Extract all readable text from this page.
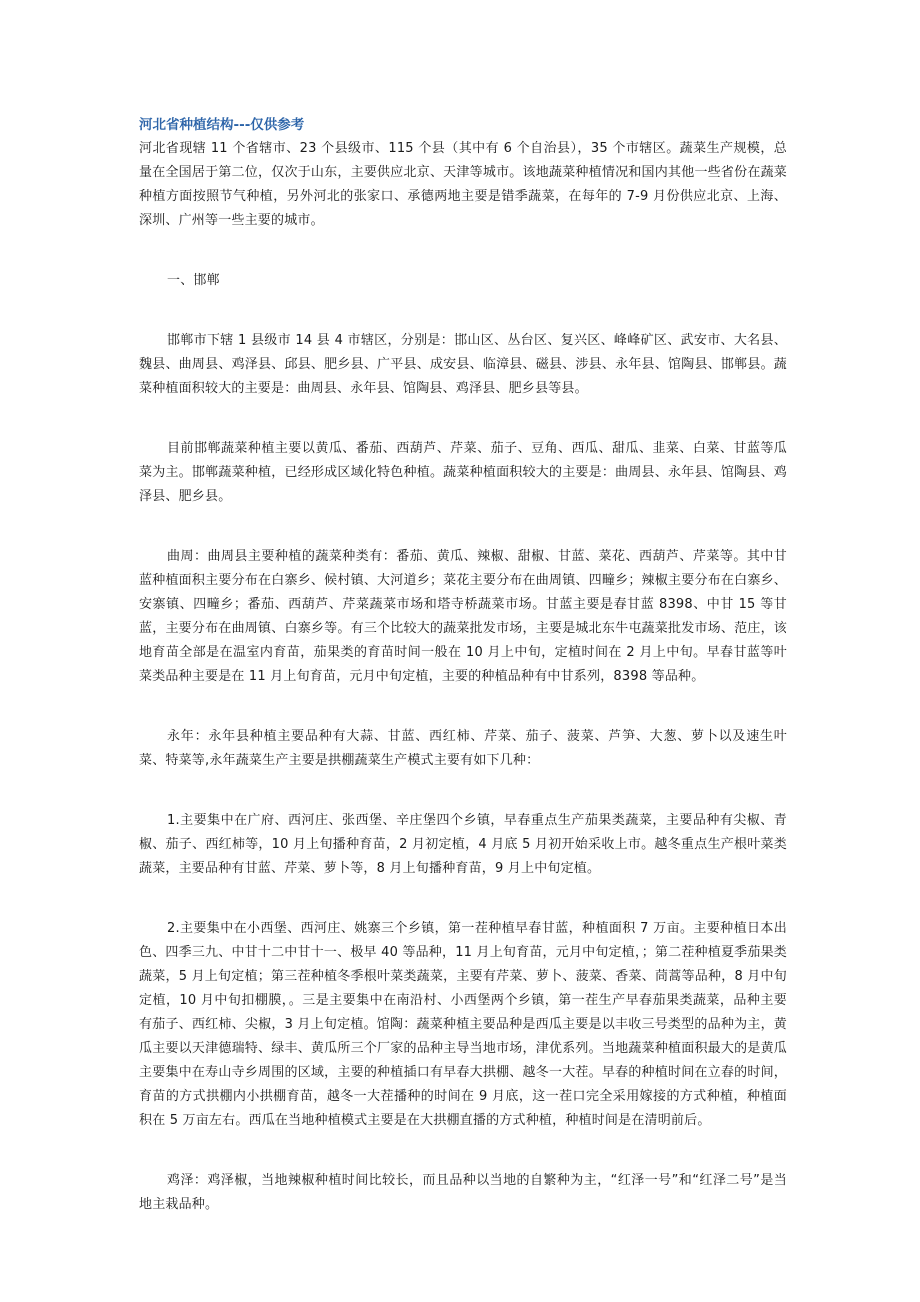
河北省种植结构---仅供参考

河北省现辖 11 个省辖市、23 个县级市、115 个县（其中有 6 个自治县），35 个市辖区。蔬菜生产规模，总量在全国居于第二位，仅次于山东，主要供应北京、天津等城市。该地蔬菜种植情况和国内其他一些省份在蔬菜种植方面按照节气种植，另外河北的张家口、承德两地主要是错季蔬菜，在每年的 7-9 月份供应北京、上海、深圳、广州等一些主要的城市。

一、邯郸

邯郸市下辖 1 县级市 14 县 4 市辖区，分别是：邯山区、丛台区、复兴区、峰峰矿区、武安市、大名县、魏县、曲周县、鸡泽县、邱县、肥乡县、广平县、成安县、临漳县、磁县、涉县、永年县、馆陶县、邯郸县。蔬菜种植面积较大的主要是：曲周县、永年县、馆陶县、鸡泽县、肥乡县等县。

目前邯郸蔬菜种植主要以黄瓜、番茄、西葫芦、芹菜、茄子、豆角、西瓜、甜瓜、韭菜、白菜、甘蓝等瓜菜为主。邯郸蔬菜种植，已经形成区域化特色种植。蔬菜种植面积较大的主要是：曲周县、永年县、馆陶县、鸡泽县、肥乡县。

曲周：曲周县主要种植的蔬菜种类有：番茄、黄瓜、辣椒、甜椒、甘蓝、菜花、西葫芦、芹菜等。其中甘蓝种植面积主要分布在白寨乡、候村镇、大河道乡；菜花主要分布在曲周镇、四疃乡；辣椒主要分布在白寨乡、安寨镇、四疃乡；番茄、西葫芦、芹菜蔬菜市场和塔寺桥蔬菜市场。甘蓝主要是春甘蓝 8398、中甘 15 等甘蓝，主要分布在曲周镇、白寨乡等。有三个比较大的蔬菜批发市场，主要是城北东牛屯蔬菜批发市场、范庄，该地育苗全部是在温室内育苗，茄果类的育苗时间一般在 10 月上中旬，定植时间在 2 月上中旬。早春甘蓝等叶菜类品种主要是在 11 月上旬育苗，元月中旬定植，主要的种植品种有中甘系列，8398 等品种。

永年：永年县种植主要品种有大蒜、甘蓝、西红柿、芹菜、茄子、菠菜、芦笋、大葱、萝卜以及速生叶菜、特菜等,永年蔬菜生产主要是拱棚蔬菜生产模式主要有如下几种：

1.主要集中在广府、西河庄、张西堡、辛庄堡四个乡镇，早春重点生产茄果类蔬菜，主要品种有尖椒、青椒、茄子、西红柿等，10 月上旬播种育苗，2 月初定植，4 月底 5 月初开始采收上市。越冬重点生产根叶菜类蔬菜，主要品种有甘蓝、芹菜、萝卜等，8 月上旬播种育苗，9 月上中旬定植。

2.主要集中在小西堡、西河庄、姚寨三个乡镇，第一茬种植早春甘蓝，种植面积 7 万亩。主要种植日本出色、四季三九、中甘十二中甘十一、极早 40 等品种，11 月上旬育苗，元月中旬定植，；第二茬种植夏季茄果类蔬菜，5 月上旬定植；第三茬种植冬季根叶菜类蔬菜，主要有芹菜、萝卜、菠菜、香菜、茼蒿等品种，8 月中旬定植，10 月中旬扣棚膜，。三是主要集中在南沿村、小西堡两个乡镇，第一茬生产早春茄果类蔬菜，品种主要有茄子、西红柿、尖椒，3 月上旬定植。馆陶：蔬菜种植主要品种是西瓜主要是以丰收三号类型的品种为主，黄瓜主要以天津德瑞特、绿丰、黄瓜所三个厂家的品种主导当地市场，津优系列。当地蔬菜种植面积最大的是黄瓜主要集中在寿山寺乡周围的区域，主要的种植插口有早春大拱棚、越冬一大茬。早春的种植时间在立春的时间，育苗的方式拱棚内小拱棚育苗，越冬一大茬播种的时间在 9 月底，这一茬口完全采用嫁接的方式种植，种植面积在 5 万亩左右。西瓜在当地种植模式主要是在大拱棚直播的方式种植，种植时间是在清明前后。

鸡泽：鸡泽椒，当地辣椒种植时间比较长，而且品种以当地的自繁种为主，“红泽一号”和“红泽二号”是当地主栽品种。
